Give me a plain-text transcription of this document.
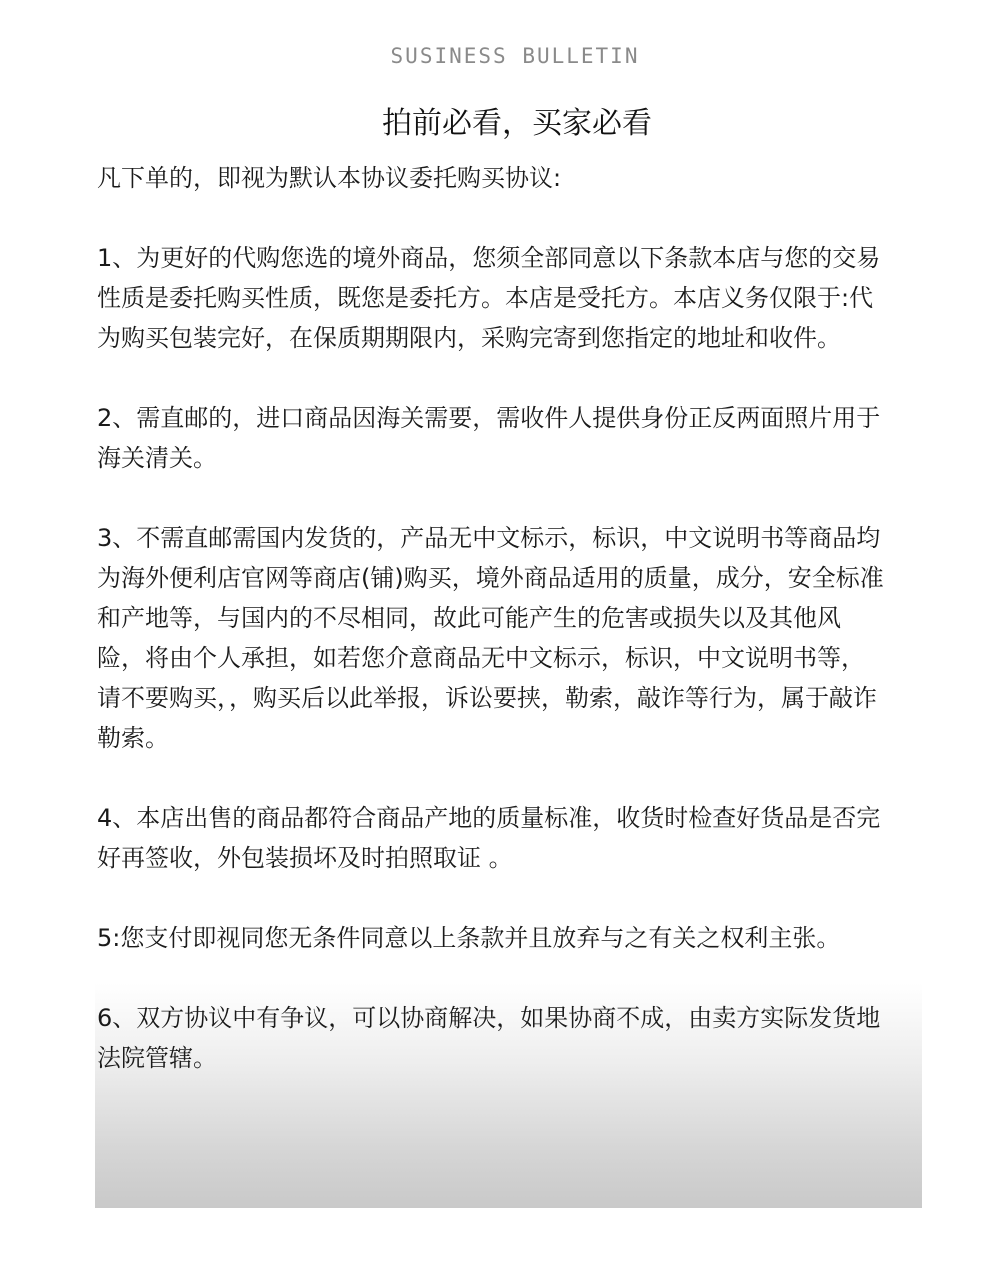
SUSINESS BULLETIN
拍前必看，买家必看

凡下单的，即视为默认本协议委托购买协议:

1、为更好的代购您选的境外商品，您须全部同意以下条款本店与您的交易性质是委托购买性质，既您是委托方。本店是受托方。本店义务仅限于:代为购买包装完好，在保质期期限内，采购完寄到您指定的地址和收件。

2、需直邮的，进口商品因海关需要，需收件人提供身份正反两面照片用于海关清关。

3、不需直邮需国内发货的，产品无中文标示，标识，中文说明书等商品均为海外便利店官网等商店(铺)购买，境外商品适用的质量，成分，安全标准和产地等，与国内的不尽相同，故此可能产生的危害或损失以及其他风险，将由个人承担，如若您介意商品无中文标示，标识，中文说明书等，请不要购买，，购买后以此举报，诉讼要挟，勒索，敲诈等行为，属于敲诈勒索。

4、本店出售的商品都符合商品产地的质量标准，收货时检查好货品是否完好再签收，外包装损坏及时拍照取证 。

5:您支付即视同您无条件同意以上条款并且放弃与之有关之权利主张。

6、双方协议中有争议，可以协商解决，如果协商不成，由卖方实际发货地法院管辖。
